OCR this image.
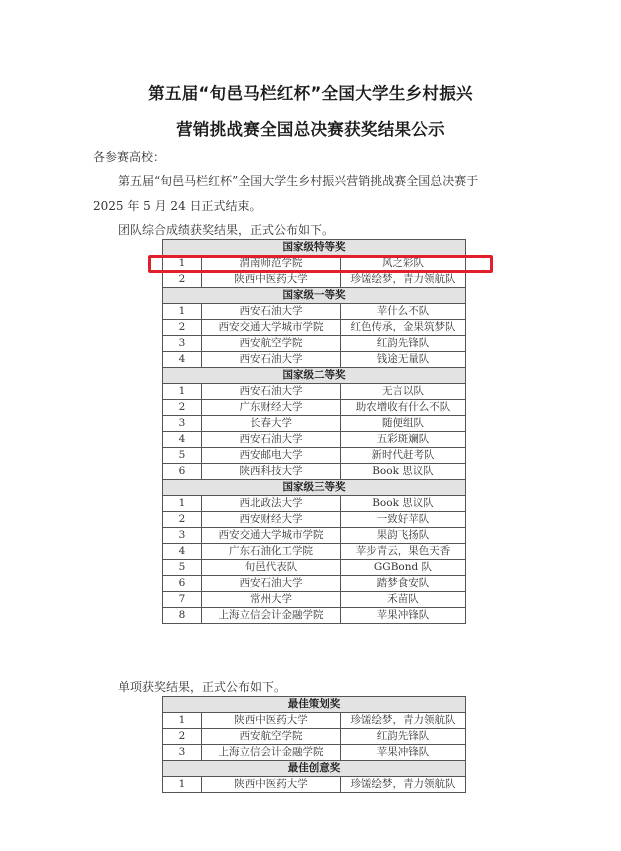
第五届“旬邑马栏红杯”全国大学生乡村振兴
营销挑战赛全国总决赛获奖结果公示
各参赛高校：
第五届“旬邑马栏红杯”全国大学生乡村振兴营销挑战赛全国总决赛于
2025 年 5 月 24 日正式结束。
团队综合成绩获奖结果，正式公布如下。
国家级特等奖		
1	渭南师范学院	风之彩队
2	陕西中医药大学	珍馐绘梦，青力领航队
国家级一等奖		
1	西安石油大学	苹什么不队
2	西安交通大学城市学院	红色传承，金果筑梦队
3	西安航空学院	红韵先锋队
4	西安石油大学	钱途无量队
国家级二等奖		
1	西安石油大学	无言以队
2	广东财经大学	助农增收有什么不队
3	长春大学	随便组队
4	西安石油大学	五彩斑斓队
5	西安邮电大学	新时代赶考队
6	陕西科技大学	Book 思议队
国家级三等奖		
1	西北政法大学	Book 思议队
2	西安财经大学	一致好苹队
3	西安交通大学城市学院	果韵飞扬队
4	广东石油化工学院	苹步青云，果色天香
5	旬邑代表队	GGBond 队
6	西安石油大学	踏梦食安队
7	常州大学	禾苗队
8	上海立信会计金融学院	苹果冲锋队
单项获奖结果，正式公布如下。
最佳策划奖		
1	陕西中医药大学	珍馐绘梦，青力领航队
2	西安航空学院	红韵先锋队
3	上海立信会计金融学院	苹果冲锋队
最佳创意奖		
1	陕西中医药大学	珍馐绘梦，青力领航队
